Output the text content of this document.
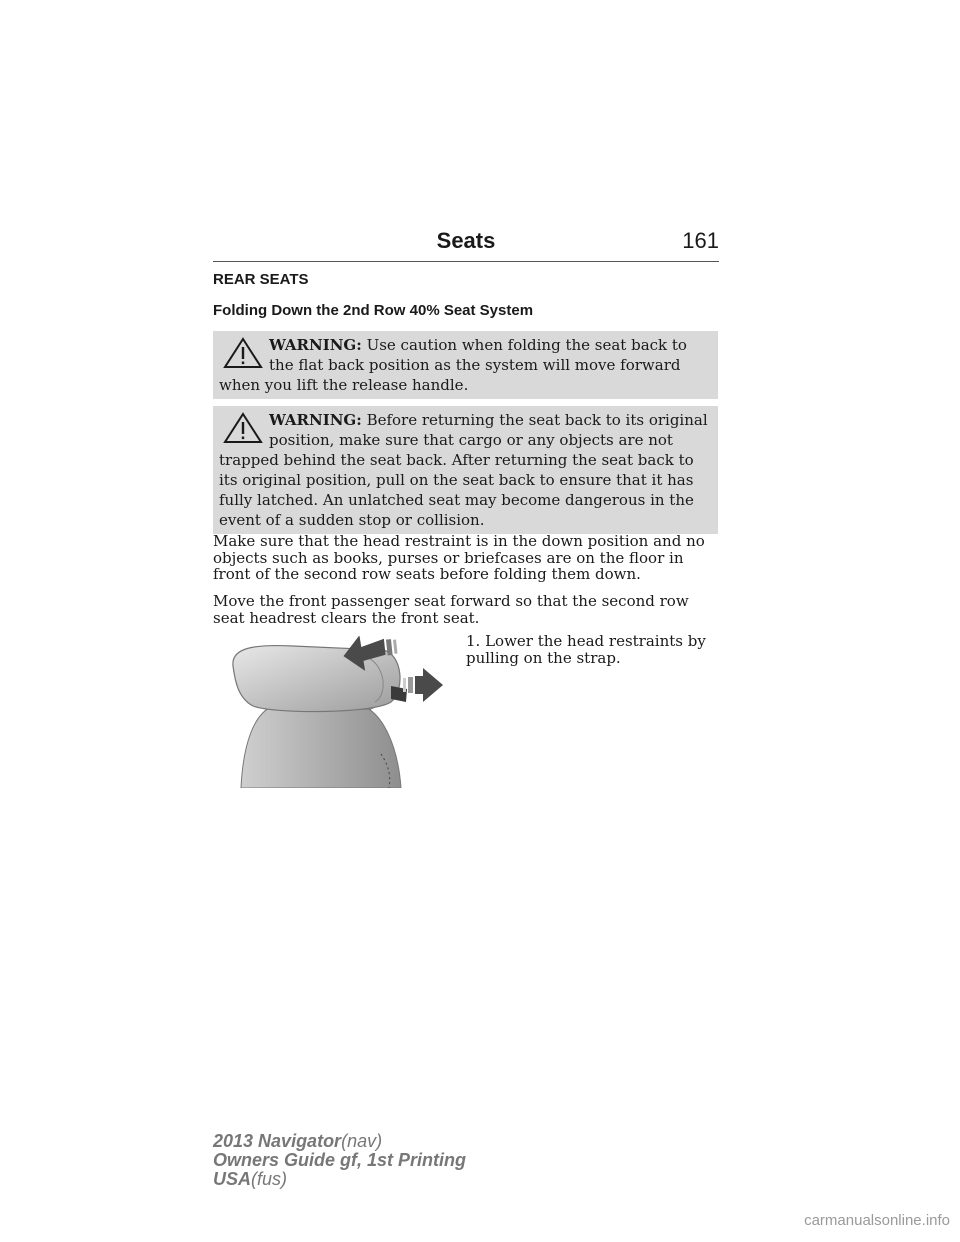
Seats	161
REAR SEATS
Folding Down the 2nd Row 40% Seat System
WARNING: Use caution when folding the seat back to the flat back position as the system will move forward when you lift the release handle.
WARNING: Before returning the seat back to its original position, make sure that cargo or any objects are not trapped behind the seat back. After returning the seat back to its original position, pull on the seat back to ensure that it has fully latched. An unlatched seat may become dangerous in the event of a sudden stop or collision.
Make sure that the head restraint is in the down position and no objects such as books, purses or briefcases are on the floor in front of the second row seats before folding them down.
Move the front passenger seat forward so that the second row seat headrest clears the front seat.
1. Lower the head restraints by pulling on the strap.
2013 Navigator(nav)
Owners Guide gf, 1st Printing
USA(fus)
carmanualsonline.info
